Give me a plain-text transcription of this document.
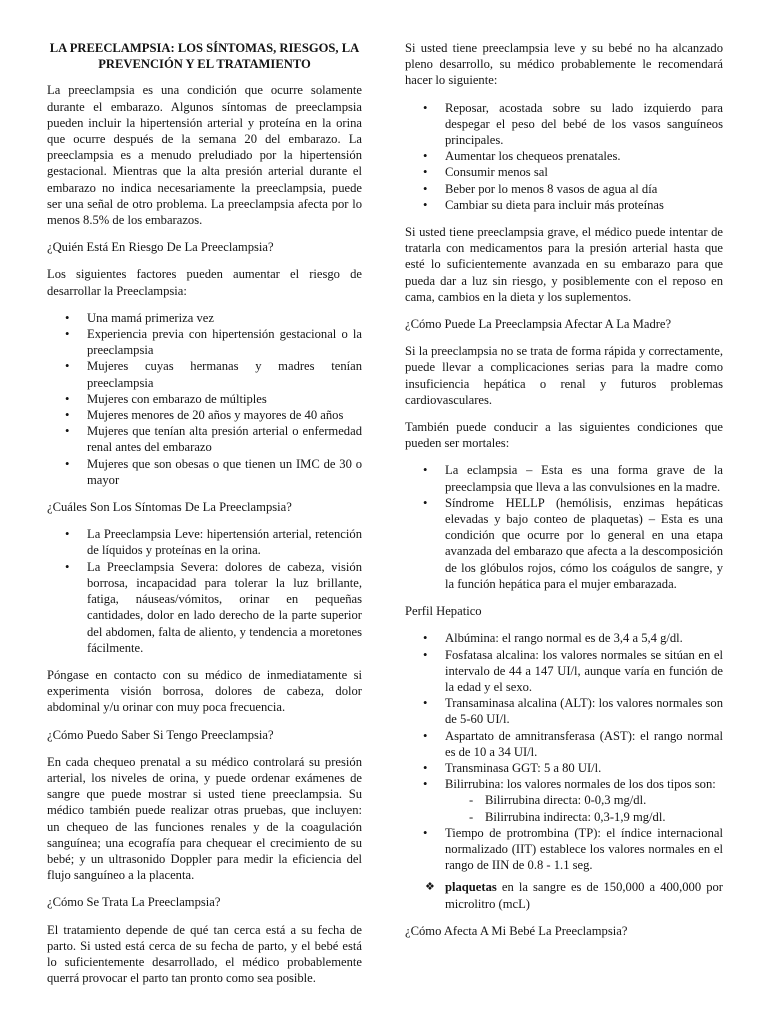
LA PREECLAMPSIA: LOS SÍNTOMAS, RIESGOS, LA PREVENCIÓN Y EL TRATAMIENTO

La preeclampsia es una condición que ocurre solamente durante el embarazo. Algunos síntomas de preeclampsia pueden incluir la hipertensión arterial y proteína en la orina que ocurre después de la semana 20 del embarazo. La preeclampsia es a menudo preludiado por la hipertensión gestacional. Mientras que la alta presión arterial durante el embarazo no indica necesariamente la preeclampsia, puede ser una señal de otro problema. La preeclampsia afecta por lo menos 8.5% de los embarazos.

¿Quién Está En Riesgo De La Preeclampsia?

Los siguientes factores pueden aumentar el riesgo de desarrollar la Preeclampsia:

• Una mamá primeriza vez
• Experiencia previa con hipertensión gestacional o la preeclampsia
• Mujeres cuyas hermanas y madres tenían preeclampsia
• Mujeres con embarazo de múltiples
• Mujeres menores de 20 años y mayores de 40 años
• Mujeres que tenían alta presión arterial o enfermedad renal antes del embarazo
• Mujeres que son obesas o que tienen un IMC de 30 o mayor

¿Cuáles Son Los Síntomas De La Preeclampsia?

• La Preeclampsia Leve: hipertensión arterial, retención de líquidos y proteínas en la orina.
• La Preeclampsia Severa: dolores de cabeza, visión borrosa, incapacidad para tolerar la luz brillante, fatiga, náuseas/vómitos, orinar en pequeñas cantidades, dolor en lado derecho de la parte superior del abdomen, falta de aliento, y tendencia a moretones fácilmente.

Póngase en contacto con su médico de inmediatamente si experimenta visión borrosa, dolores de cabeza, dolor abdominal y/u orinar con muy poca frecuencia.

¿Cómo Puedo Saber Si Tengo Preeclampsia?

En cada chequeo prenatal a su médico controlará su presión arterial, los niveles de orina, y puede ordenar exámenes de sangre que puede mostrar si usted tiene preeclampsia. Su médico también puede realizar otras pruebas, que incluyen: un chequeo de las funciones renales y de la coagulación sanguínea; una ecografía para chequear el crecimiento de su bebé; y un ultrasonido Doppler para medir la eficiencia del flujo sanguíneo a la placenta.

¿Cómo Se Trata La Preeclampsia?

El tratamiento depende de qué tan cerca está a su fecha de parto. Si usted está cerca de su fecha de parto, y el bebé está lo suficientemente desarrollado, el médico probablemente querrá provocar el parto tan pronto como sea posible.

Si usted tiene preeclampsia leve y su bebé no ha alcanzado pleno desarrollo, su médico probablemente le recomendará hacer lo siguiente:

• Reposar, acostada sobre su lado izquierdo para despegar el peso del bebé de los vasos sanguíneos principales.
• Aumentar los chequeos prenatales.
• Consumir menos sal
• Beber por lo menos 8 vasos de agua al día
• Cambiar su dieta para incluir más proteínas

Si usted tiene preeclampsia grave, el médico puede intentar de tratarla con medicamentos para la presión arterial hasta que esté lo suficientemente avanzada en su embarazo para que pueda dar a luz sin riesgo, y posiblemente con el reposo en cama, cambios en la dieta y los suplementos.

¿Cómo Puede La Preeclampsia Afectar A La Madre?

Si la preeclampsia no se trata de forma rápida y correctamente, puede llevar a complicaciones serias para la madre como insuficiencia hepática o renal y futuros problemas cardiovasculares.

También puede conducir a las siguientes condiciones que pueden ser mortales:

• La eclampsia – Esta es una forma grave de la preeclampsia que lleva a las convulsiones en la madre.
• Síndrome HELLP (hemólisis, enzimas hepáticas elevadas y bajo conteo de plaquetas) – Esta es una condición que ocurre por lo general en una etapa avanzada del embarazo que afecta a la descomposición de los glóbulos rojos, cómo los coágulos de sangre, y la función hepática para el mujer embarazada.

Perfil Hepatico

• Albúmina: el rango normal es de 3,4 a 5,4 g/dl.
• Fosfatasa alcalina: los valores normales se sitúan en el intervalo de 44 a 147 UI/l, aunque varía en función de la edad y el sexo.
• Transaminasa alcalina (ALT): los valores normales son de 5-60 UI/l.
• Aspartato de amnitransferasa (AST): el rango normal es de 10 a 34 UI/l.
• Transminasa GGT: 5 a 80 UI/l.
• Bilirrubina: los valores normales de los dos tipos son:
- Bilirrubina directa: 0-0,3 mg/dl.
- Bilirrubina indirecta: 0,3-1,9 mg/dl.
• Tiempo de protrombina (TP): el índice internacional normalizado (IIT) establece los valores normales en el rango de IIN de 0.8 - 1.1 seg.
❖ plaquetas en la sangre es de 150,000 a 400,000 por microlitro (mcL)

¿Cómo Afecta A Mi Bebé La Preeclampsia?
